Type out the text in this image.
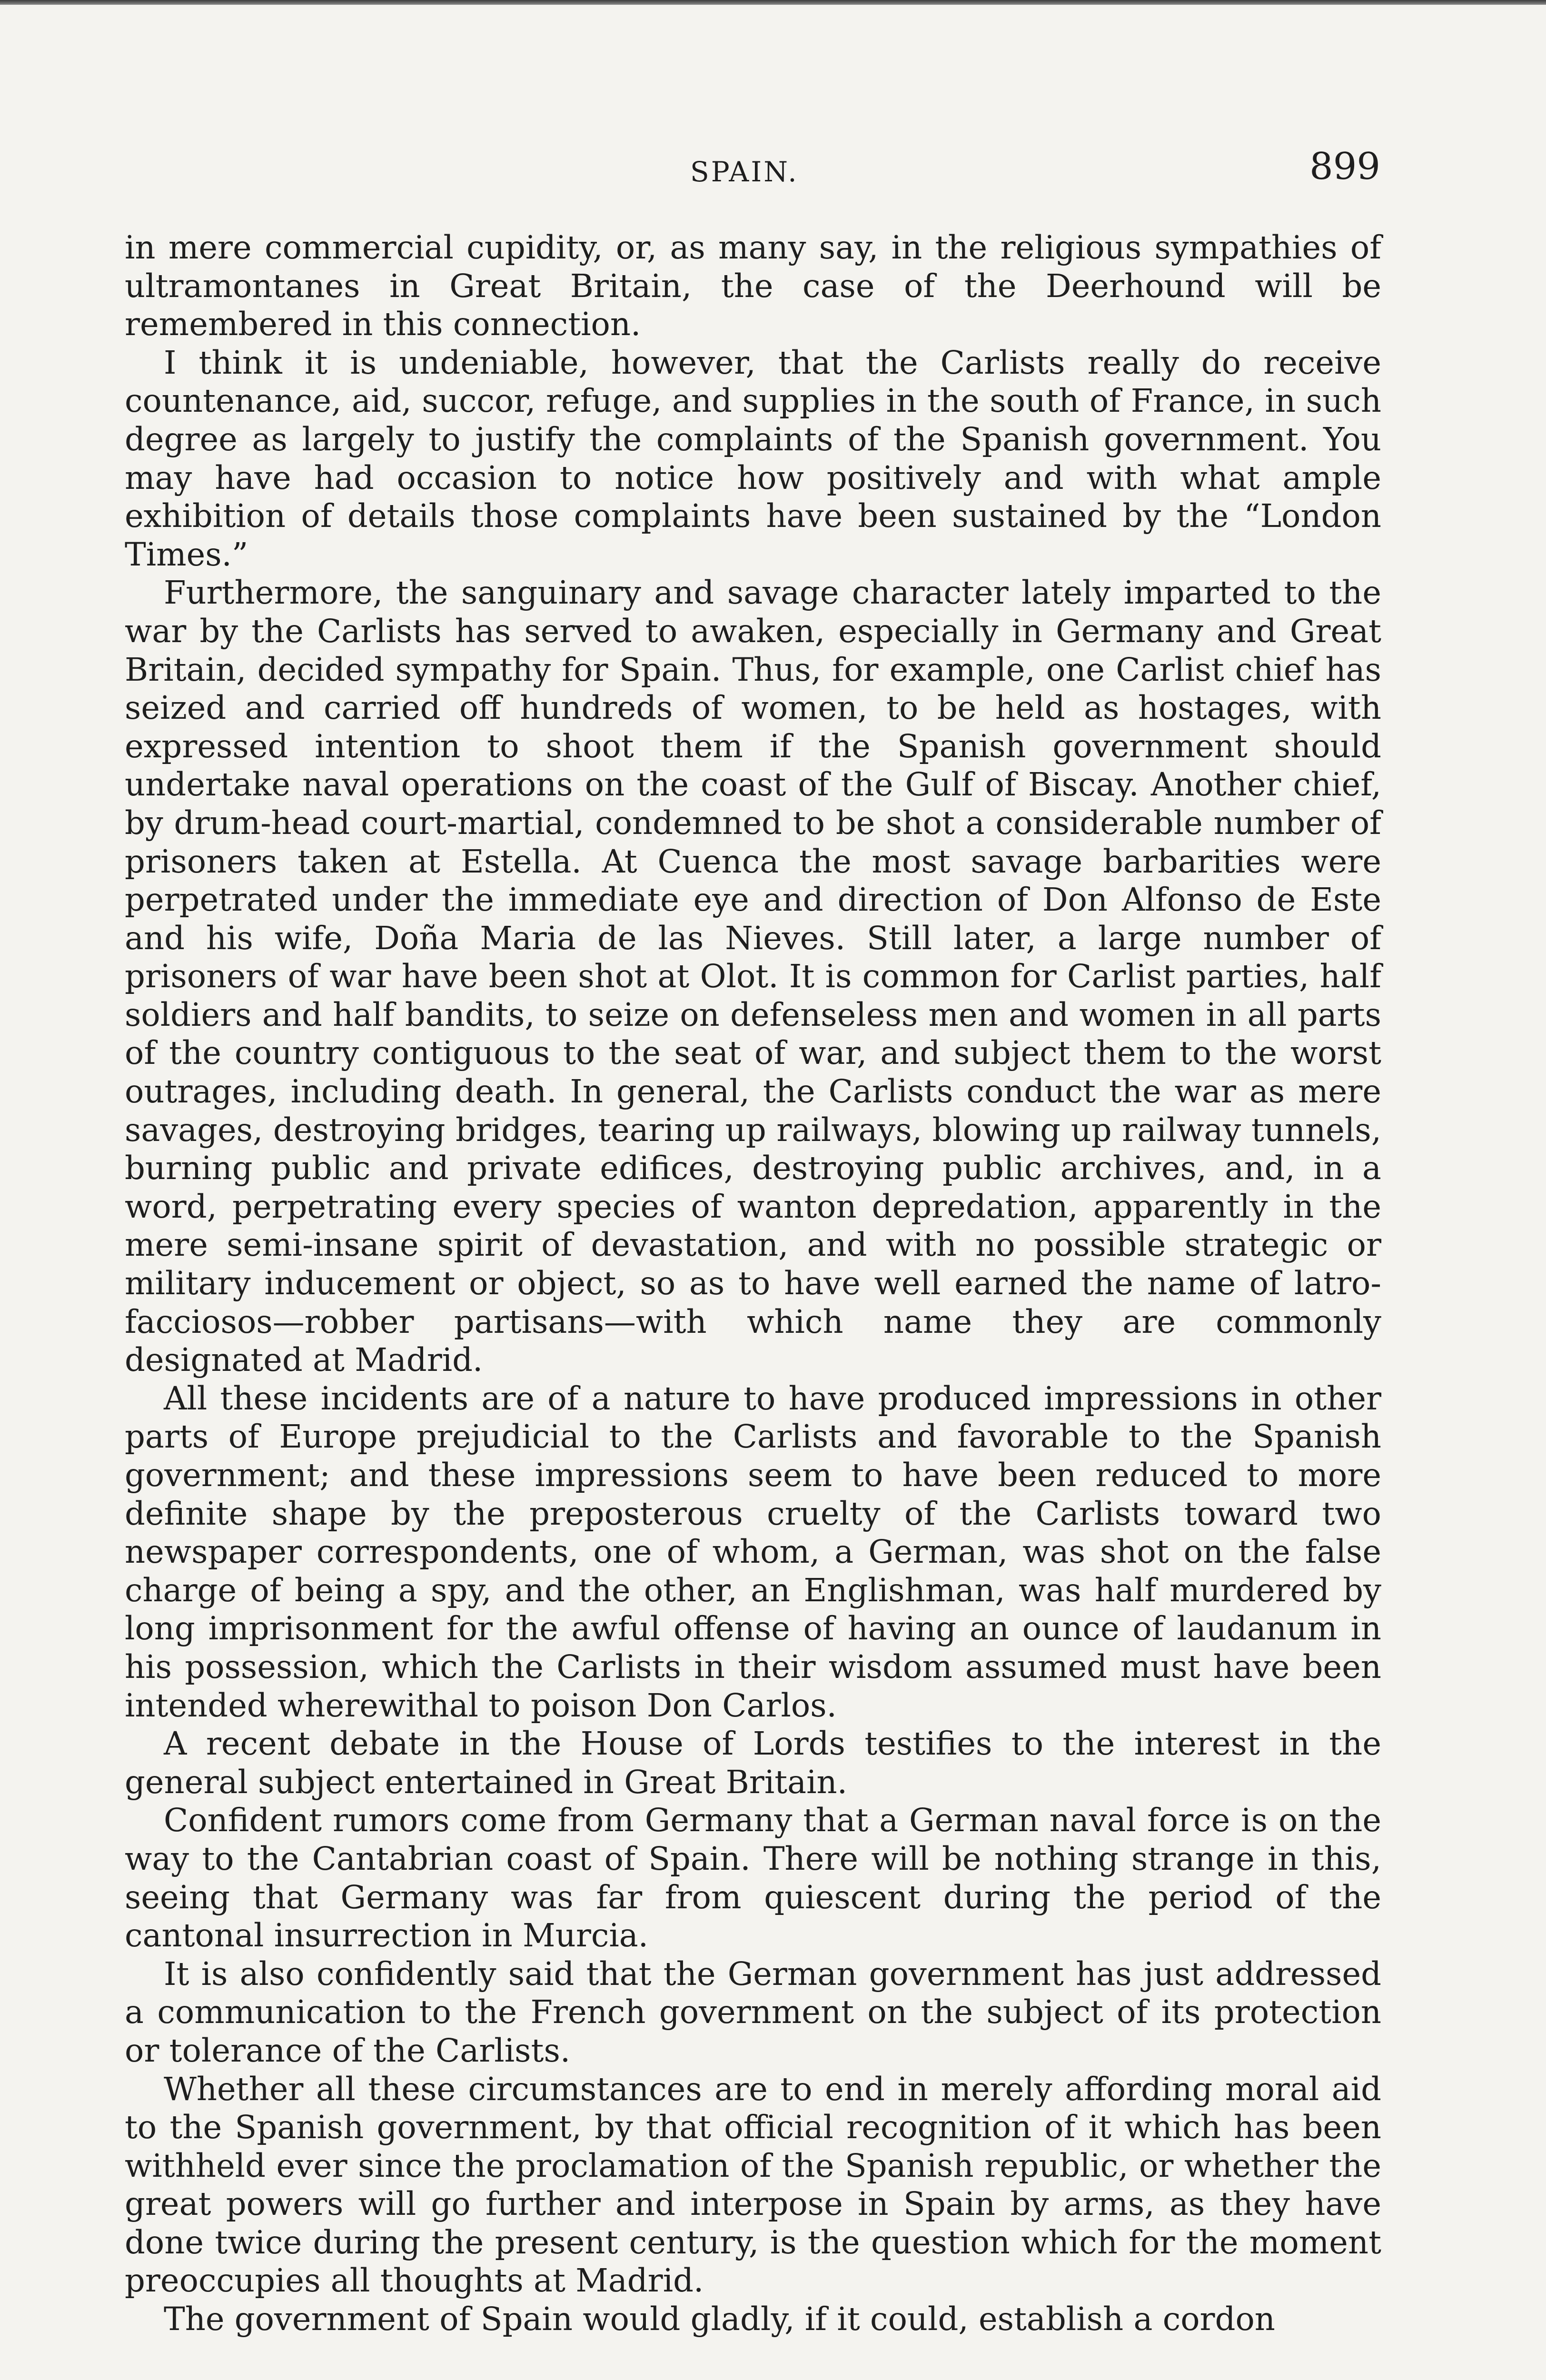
SPAIN.	899

in mere commercial cupidity, or, as many say, in the religious sympathies of ultramontanes in Great Britain, the case of the Deerhound will be remembered in this connection.

I think it is undeniable, however, that the Carlists really do receive countenance, aid, succor, refuge, and supplies in the south of France, in such degree as largely to justify the complaints of the Spanish government. You may have had occasion to notice how positively and with what ample exhibition of details those complaints have been sustained by the “London Times.”

Furthermore, the sanguinary and savage character lately imparted to the war by the Carlists has served to awaken, especially in Germany and Great Britain, decided sympathy for Spain. Thus, for example, one Carlist chief has seized and carried off hundreds of women, to be held as hostages, with expressed intention to shoot them if the Spanish government should undertake naval operations on the coast of the Gulf of Biscay. Another chief, by drum-head court-martial, condemned to be shot a considerable number of prisoners taken at Estella. At Cuenca the most savage barbarities were perpetrated under the immediate eye and direction of Don Alfonso de Este and his wife, Doña Maria de las Nieves. Still later, a large number of prisoners of war have been shot at Olot. It is common for Carlist parties, half soldiers and half bandits, to seize on defenseless men and women in all parts of the country contiguous to the seat of war, and subject them to the worst outrages, including death. In general, the Carlists conduct the war as mere savages, destroying bridges, tearing up railways, blowing up railway tunnels, burning public and private edifices, destroying public archives, and, in a word, perpetrating every species of wanton depredation, apparently in the mere semi-insane spirit of devastation, and with no possible strategic or military inducement or object, so as to have well earned the name of latro-facciosos—robber partisans—with which name they are commonly designated at Madrid.

All these incidents are of a nature to have produced impressions in other parts of Europe prejudicial to the Carlists and favorable to the Spanish government; and these impressions seem to have been reduced to more definite shape by the preposterous cruelty of the Carlists toward two newspaper correspondents, one of whom, a German, was shot on the false charge of being a spy, and the other, an Englishman, was half murdered by long imprisonment for the awful offense of having an ounce of laudanum in his possession, which the Carlists in their wisdom assumed must have been intended wherewithal to poison Don Carlos.

A recent debate in the House of Lords testifies to the interest in the general subject entertained in Great Britain.

Confident rumors come from Germany that a German naval force is on the way to the Cantabrian coast of Spain. There will be nothing strange in this, seeing that Germany was far from quiescent during the period of the cantonal insurrection in Murcia.

It is also confidently said that the German government has just addressed a communication to the French government on the subject of its protection or tolerance of the Carlists.

Whether all these circumstances are to end in merely affording moral aid to the Spanish government, by that official recognition of it which has been withheld ever since the proclamation of the Spanish republic, or whether the great powers will go further and interpose in Spain by arms, as they have done twice during the present century, is the question which for the moment preoccupies all thoughts at Madrid.

The government of Spain would gladly, if it could, establish a cordon
